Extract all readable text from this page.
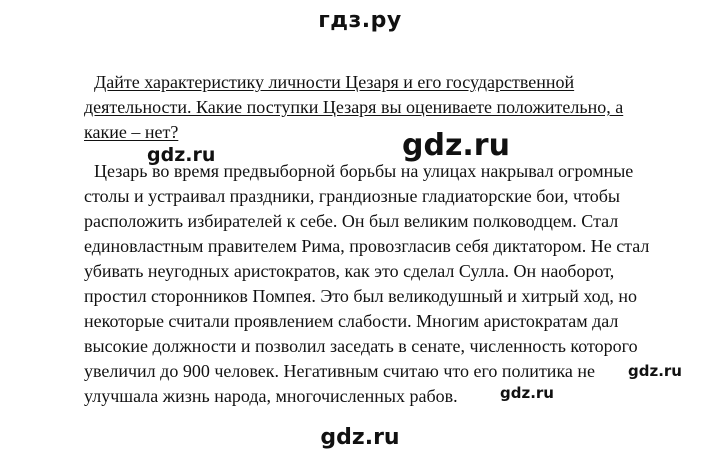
гдз.ру
Дайте характеристику личности Цезаря и его государственной
деятельности. Какие поступки Цезаря вы оцениваете положительно, а
какие – нет?
Цезарь во время предвыборной борьбы на улицах накрывал огромные
столы и устраивал праздники, грандиозные гладиаторские бои, чтобы
расположить избирателей к себе. Он был великим полководцем. Стал
единовластным правителем Рима, провозгласив себя диктатором. Не стал
убивать неугодных аристократов, как это сделал Сулла. Он наоборот,
простил сторонников Помпея. Это был великодушный и хитрый ход, но
некоторые считали проявлением слабости. Многим аристократам дал
высокие должности и позволил заседать в сенате, численность которого
увеличил до 900 человек. Негативным считаю что его политика не
улучшала жизнь народа, многочисленных рабов.
gdz.ru
gdz.ru
gdz.ru
gdz.ru
gdz.ru
